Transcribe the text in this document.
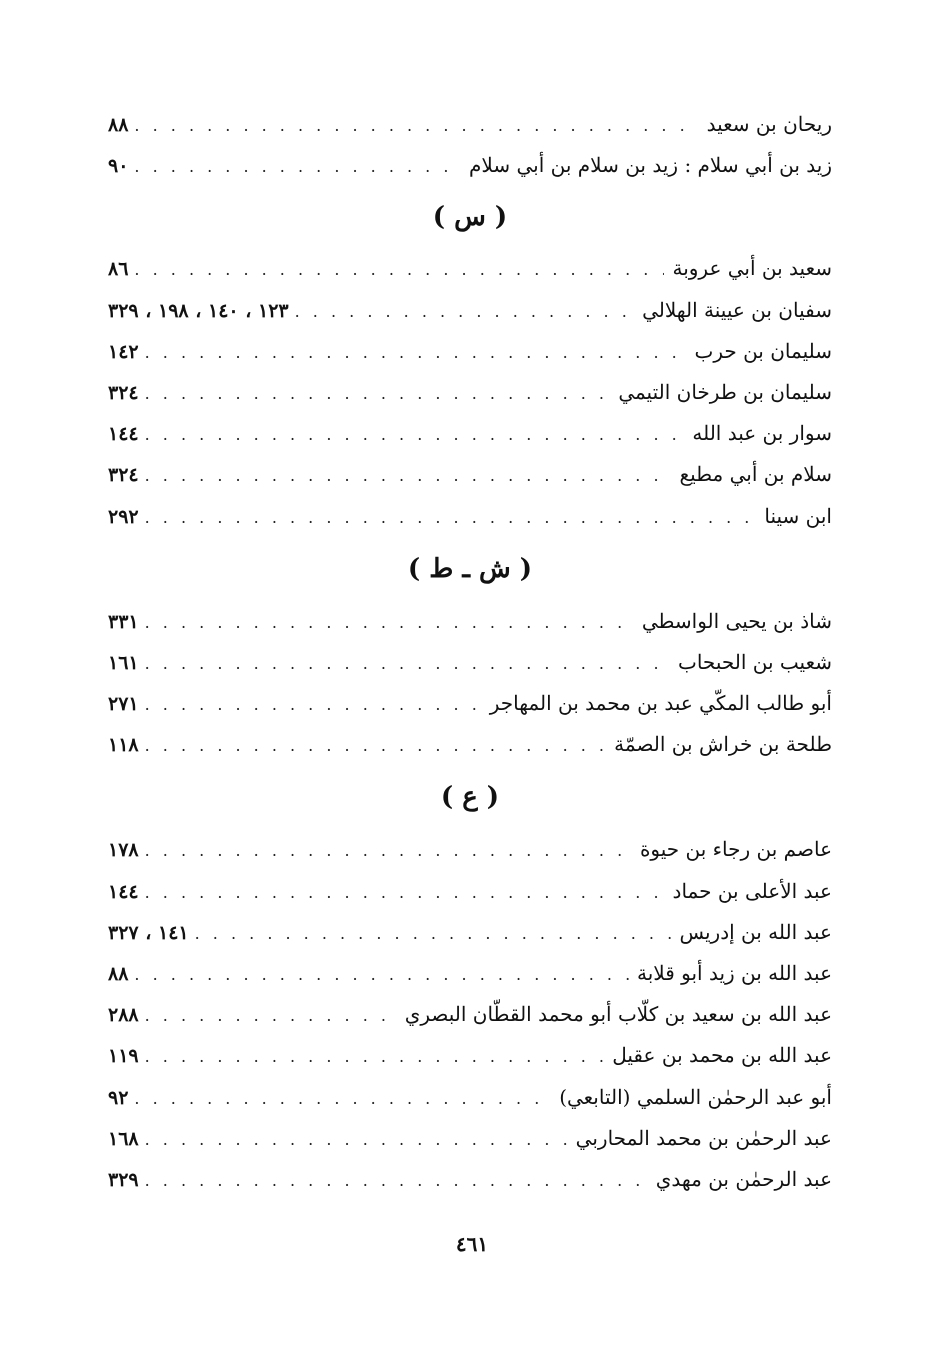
ريحان بن سعيد
. . .
٨٨
زيد بن أبي سلام : زيد بن سلام بن أبي سلام
. . .
٩٠
( س )
سعيد بن أبي عروبة
. . .
٨٦
سفيان بن عيينة الهلالي
. . .
١٢٣ ، ١٤٠ ، ١٩٨ ، ٣٢٩
سليمان بن حرب
. . .
١٤٢
سليمان بن طرخان التيمي
. . .
٣٢٤
سوار بن عبد الله
. . .
١٤٤
سلام بن أبي مطيع
. . .
٣٢٤
ابن سينا
. . .
٢٩٢
( ش ـ ط )
شاذ بن يحيى الواسطي
. . .
٣٣١
شعيب بن الحبحاب
. . .
١٦١
أبو طالب المكّي عبد بن محمد بن المهاجر
. . .
٢٧١
طلحة بن خراش بن الصمّة
. . .
١١٨
( ع )
عاصم بن رجاء بن حيوة
. . .
١٧٨
عبد الأعلى بن حماد
. . .
١٤٤
عبد الله بن إدريس
. . .
١٤١ ، ٣٢٧
عبد الله بن زيد أبو قلابة
. . .
٨٨
عبد الله بن سعيد بن كلّاب أبو محمد القطّان البصري
. . .
٢٨٨
عبد الله بن محمد بن عقيل
. . .
١١٩
أبو عبد الرحمٰن السلمي (التابعي)
. . .
٩٢
عبد الرحمٰن بن محمد المحاربي
. . .
١٦٨
عبد الرحمٰن بن مهدي
. . .
٣٢٩
٤٦١
